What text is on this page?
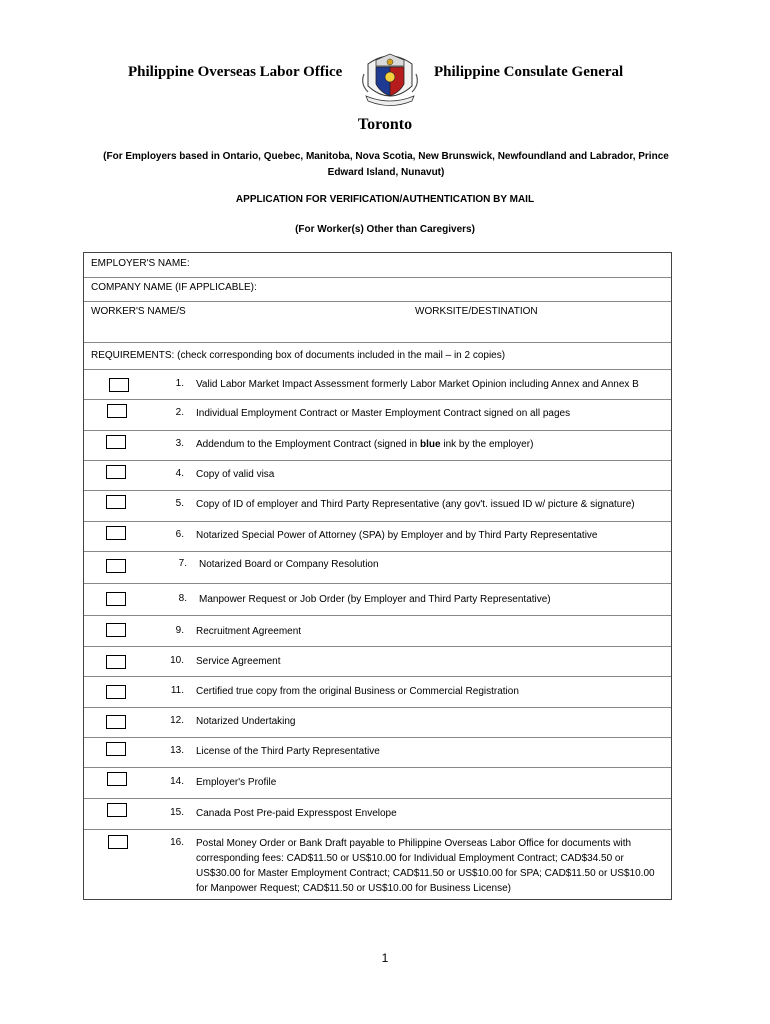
Philippine Overseas Labor Office	Philippine Consulate General
Toronto
(For Employers based in Ontario, Quebec, Manitoba, Nova Scotia, New Brunswick, Newfoundland and Labrador, Prince Edward Island, Nunavut)
APPLICATION FOR VERIFICATION/AUTHENTICATION BY MAIL
(For Worker(s) Other than Caregivers)
EMPLOYER'S NAME:
COMPANY NAME (IF APPLICABLE):
WORKER'S NAME/S	WORKSITE/DESTINATION
REQUIREMENTS: (check corresponding box of documents included in the mail – in 2 copies)
1. Valid Labor Market Impact Assessment formerly Labor Market Opinion including Annex and Annex B
2. Individual Employment Contract or Master Employment Contract signed on all pages
3. Addendum to the Employment Contract (signed in blue ink by the employer)
4. Copy of valid visa
5. Copy of ID of employer and Third Party Representative (any gov't. issued ID w/ picture & signature)
6. Notarized Special Power of Attorney (SPA) by Employer and by Third Party Representative
7. Notarized Board or Company Resolution
8. Manpower Request or Job Order (by Employer and Third Party Representative)
9. Recruitment Agreement
10. Service Agreement
11. Certified true copy from the original Business or Commercial Registration
12. Notarized Undertaking
13. License of the Third Party Representative
14. Employer's Profile
15. Canada Post Pre-paid Expresspost Envelope
16. Postal Money Order or Bank Draft payable to Philippine Overseas Labor Office for documents with corresponding fees: CAD$11.50 or US$10.00 for Individual Employment Contract; CAD$34.50 or US$30.00 for Master Employment Contract; CAD$11.50 or US$10.00 for SPA; CAD$11.50 or US$10.00 for Manpower Request; CAD$11.50 or US$10.00 for Business License)
1
